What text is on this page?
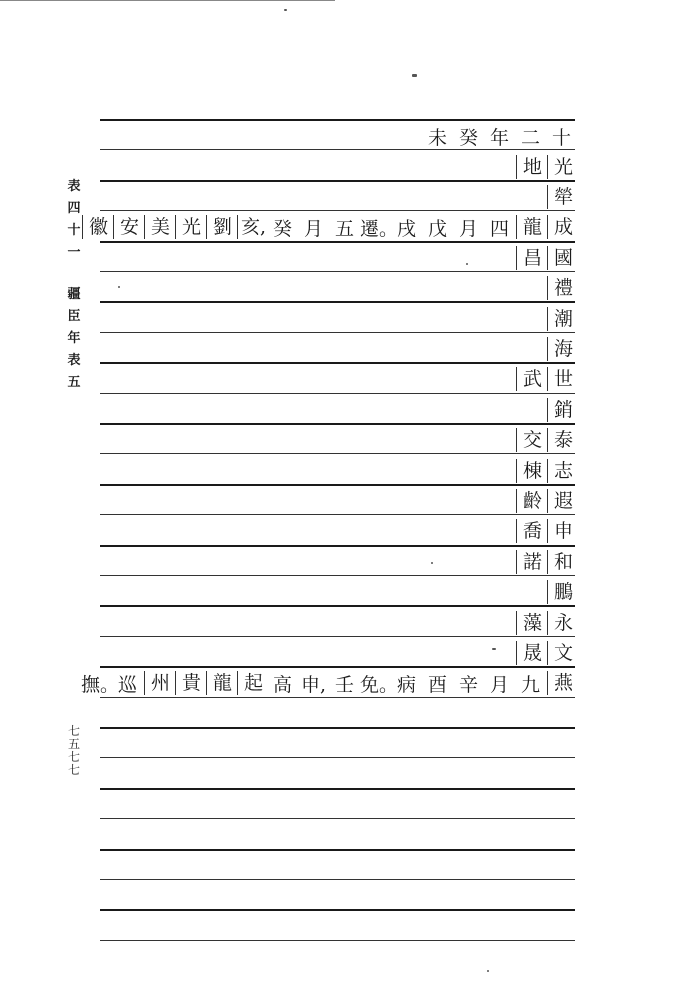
表
四
十
一
疆
臣
年
表
五
七
五
七
七
十
二
年
癸
未
光
地
犖
成
龍
四
月
戊
戌
遷。
五
月
癸
亥,
劉
光
美
安
徽
國
昌
禮
潮
海
世
武
銷
泰
交
志
棟
遐
齡
申
喬
和
諾
鵬
永
藻
文
晟
燕
九
月
辛
酉
病
免。
壬
申,
高
起
龍
貴
州
巡
撫。
